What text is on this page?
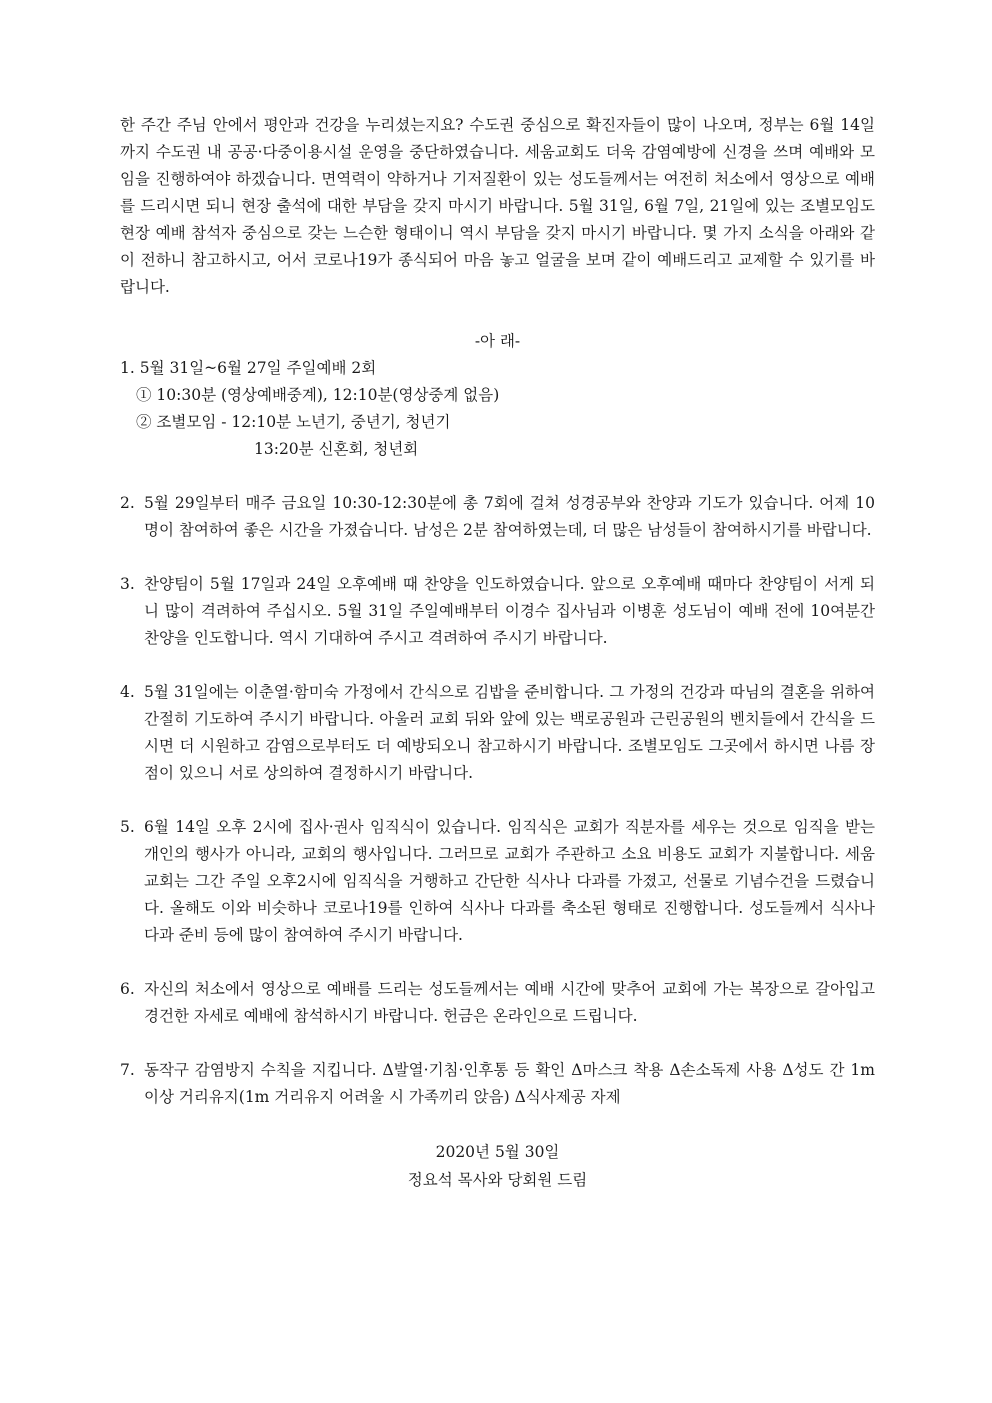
한 주간 주님 안에서 평안과 건강을 누리셨는지요? 수도권 중심으로 확진자들이 많이 나오며, 정부는 6월 14일까지 수도권 내 공공·다중이용시설 운영을 중단하였습니다. 세움교회도 더욱 감염예방에 신경을 쓰며 예배와 모임을 진행하여야 하겠습니다. 면역력이 약하거나 기저질환이 있는 성도들께서는 여전히 처소에서 영상으로 예배를 드리시면 되니 현장 출석에 대한 부담을 갖지 마시기 바랍니다. 5월 31일, 6월 7일, 21일에 있는 조별모임도 현장 예배 참석자 중심으로 갖는 느슨한 형태이니 역시 부담을 갖지 마시기 바랍니다. 몇 가지 소식을 아래와 같이 전하니 참고하시고, 어서 코로나19가 종식되어 마음 놓고 얼굴을 보며 같이 예배드리고 교제할 수 있기를 바랍니다.

-아 래-
1. 5월 31일~6월 27일 주일예배 2회
① 10:30분 (영상예배중계), 12:10분(영상중계 없음)
② 조별모임 - 12:10분 노년기, 중년기, 청년기
13:20분 신혼회, 청년회
2. 5월 29일부터 매주 금요일 10:30-12:30분에 총 7회에 걸쳐 성경공부와 찬양과 기도가 있습니다. 어제 10명이 참여하여 좋은 시간을 가졌습니다. 남성은 2분 참여하였는데, 더 많은 남성들이 참여하시기를 바랍니다.
3. 찬양팀이 5월 17일과 24일 오후예배 때 찬양을 인도하였습니다. 앞으로 오후예배 때마다 찬양팀이 서게 되니 많이 격려하여 주십시오. 5월 31일 주일예배부터 이경수 집사님과 이병훈 성도님이 예배 전에 10여분간 찬양을 인도합니다. 역시 기대하여 주시고 격려하여 주시기 바랍니다.
4. 5월 31일에는 이춘열·함미숙 가정에서 간식으로 김밥을 준비합니다. 그 가정의 건강과 따님의 결혼을 위하여 간절히 기도하여 주시기 바랍니다. 아울러 교회 뒤와 앞에 있는 백로공원과 근린공원의 벤치들에서 간식을 드시면 더 시원하고 감염으로부터도 더 예방되오니 참고하시기 바랍니다. 조별모임도 그곳에서 하시면 나름 장점이 있으니 서로 상의하여 결정하시기 바랍니다.
5. 6월 14일 오후 2시에 집사·권사 임직식이 있습니다. 임직식은 교회가 직분자를 세우는 것으로 임직을 받는 개인의 행사가 아니라, 교회의 행사입니다. 그러므로 교회가 주관하고 소요 비용도 교회가 지불합니다. 세움교회는 그간 주일 오후2시에 임직식을 거행하고 간단한 식사나 다과를 가졌고, 선물로 기념수건을 드렸습니다. 올해도 이와 비슷하나 코로나19를 인하여 식사나 다과를 축소된 형태로 진행합니다. 성도들께서 식사나 다과 준비 등에 많이 참여하여 주시기 바랍니다.
6. 자신의 처소에서 영상으로 예배를 드리는 성도들께서는 예배 시간에 맞추어 교회에 가는 복장으로 갈아입고 경건한 자세로 예배에 참석하시기 바랍니다. 헌금은 온라인으로 드립니다.
7. 동작구 감염방지 수칙을 지킵니다. Δ발열·기침·인후통 등 확인 Δ마스크 착용 Δ손소독제 사용 Δ성도 간 1m 이상 거리유지(1m 거리유지 어려울 시 가족끼리 앉음) Δ식사제공 자제
2020년 5월 30일
정요석 목사와 당회원 드림
